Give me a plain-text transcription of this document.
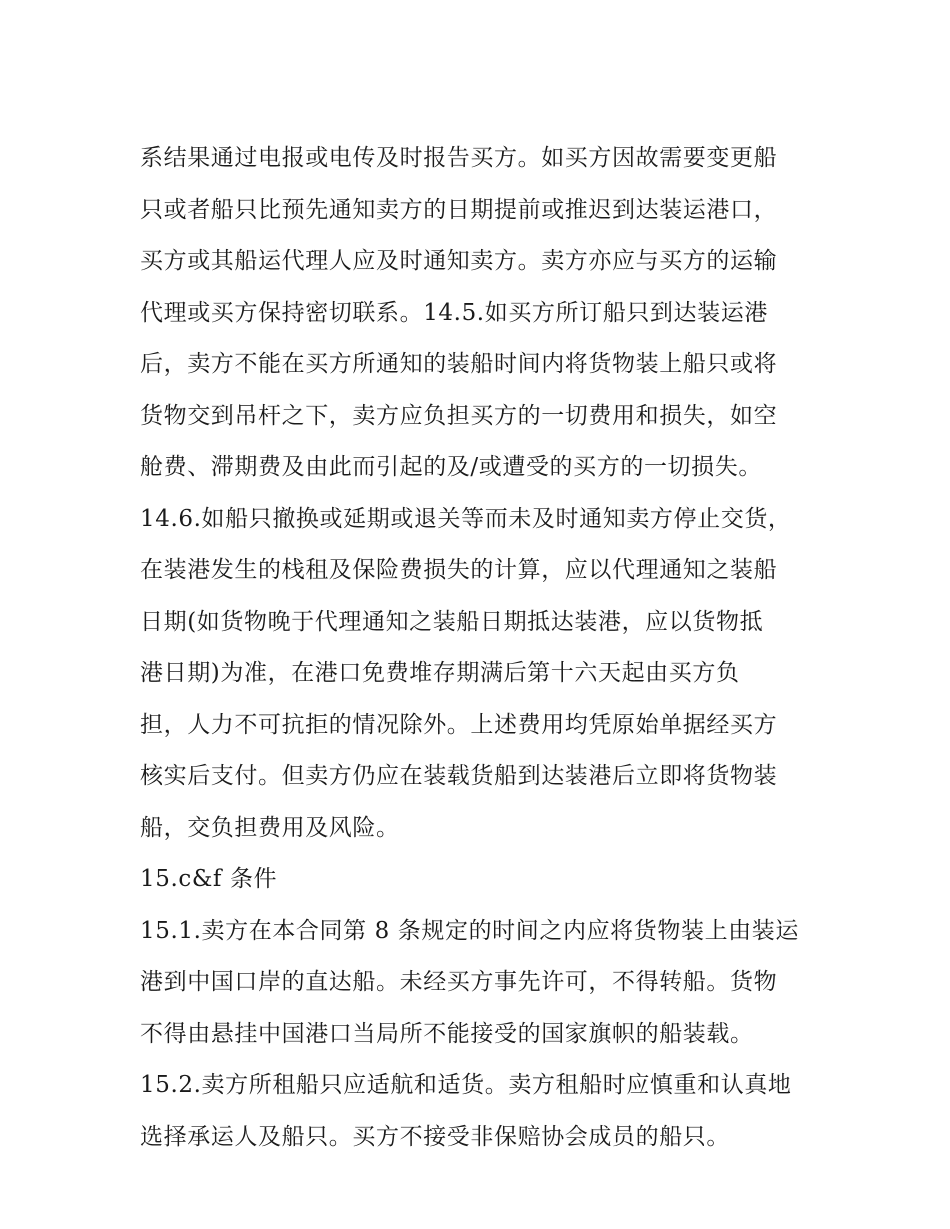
系结果通过电报或电传及时报告买方。如买方因故需要变更船
只或者船只比预先通知卖方的日期提前或推迟到达装运港口，
买方或其船运代理人应及时通知卖方。卖方亦应与买方的运输
代理或买方保持密切联系。14.5.如买方所订船只到达装运港
后，卖方不能在买方所通知的装船时间内将货物装上船只或将
货物交到吊杆之下，卖方应负担买方的一切费用和损失，如空
舱费、滞期费及由此而引起的及/或遭受的买方的一切损失。
14.6.如船只撤换或延期或退关等而未及时通知卖方停止交货，
在装港发生的栈租及保险费损失的计算，应以代理通知之装船
日期(如货物晚于代理通知之装船日期抵达装港，应以货物抵
港日期)为准，在港口免费堆存期满后第十六天起由买方负
担，人力不可抗拒的情况除外。上述费用均凭原始单据经买方
核实后支付。但卖方仍应在装载货船到达装港后立即将货物装
船，交负担费用及风险。
15.c&f 条件
15.1.卖方在本合同第 8 条规定的时间之内应将货物装上由装运
港到中国口岸的直达船。未经买方事先许可，不得转船。货物
不得由悬挂中国港口当局所不能接受的国家旗帜的船装载。
15.2.卖方所租船只应适航和适货。卖方租船时应慎重和认真地
选择承运人及船只。买方不接受非保赔协会成员的船只。
